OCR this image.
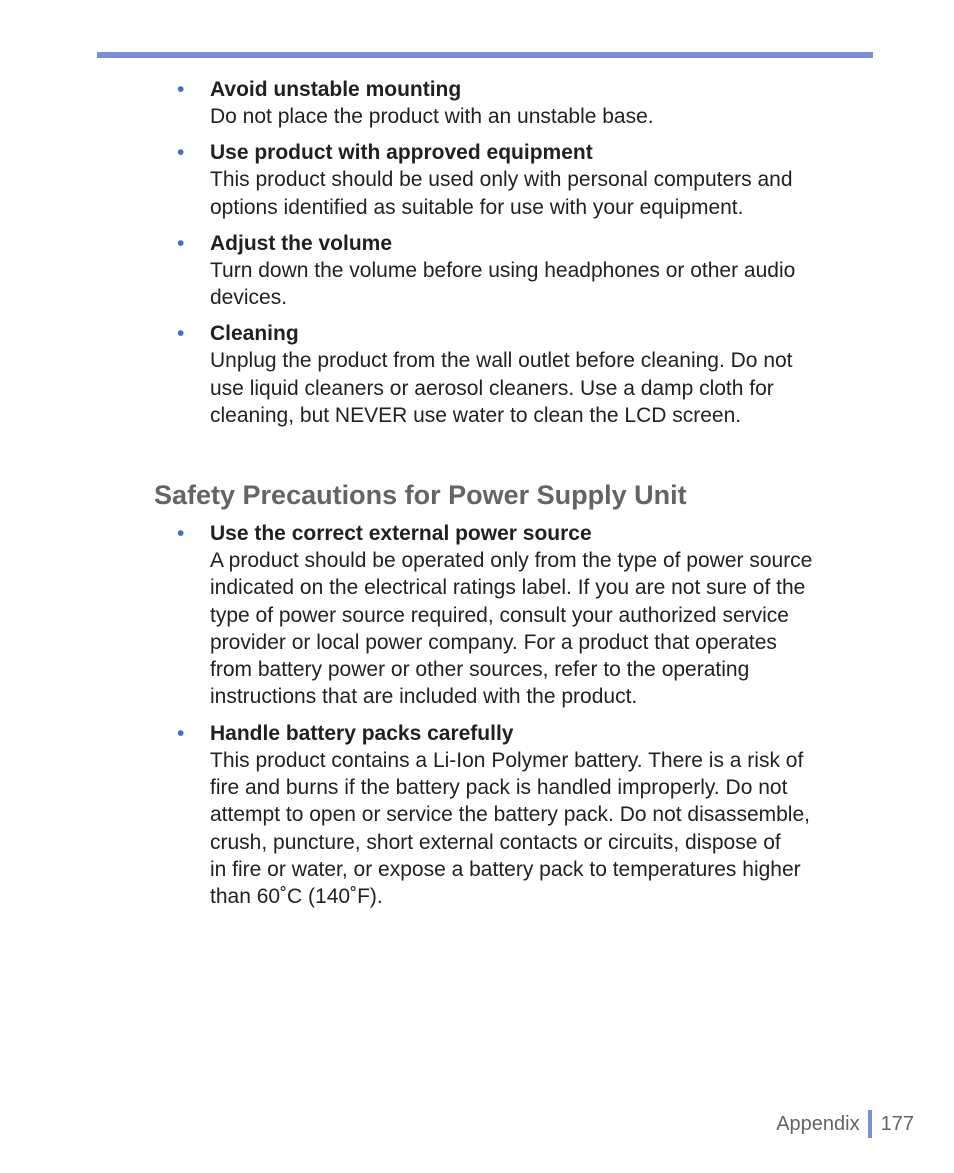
• Avoid unstable mounting
Do not place the product with an unstable base.
• Use product with approved equipment
This product should be used only with personal computers and
options identified as suitable for use with your equipment.
• Adjust the volume
Turn down the volume before using headphones or other audio
devices.
• Cleaning
Unplug the product from the wall outlet before cleaning. Do not
use liquid cleaners or aerosol cleaners. Use a damp cloth for
cleaning, but NEVER use water to clean the LCD screen.
Safety Precautions for Power Supply Unit
• Use the correct external power source
A product should be operated only from the type of power source
indicated on the electrical ratings label. If you are not sure of the
type of power source required, consult your authorized service
provider or local power company. For a product that operates
from battery power or other sources, refer to the operating
instructions that are included with the product.
• Handle battery packs carefully
This product contains a Li-Ion Polymer battery. There is a risk of
fire and burns if the battery pack is handled improperly. Do not
attempt to open or service the battery pack. Do not disassemble,
crush, puncture, short external contacts or circuits, dispose of
in fire or water, or expose a battery pack to temperatures higher
than 60˚C (140˚F).
Appendix 177
